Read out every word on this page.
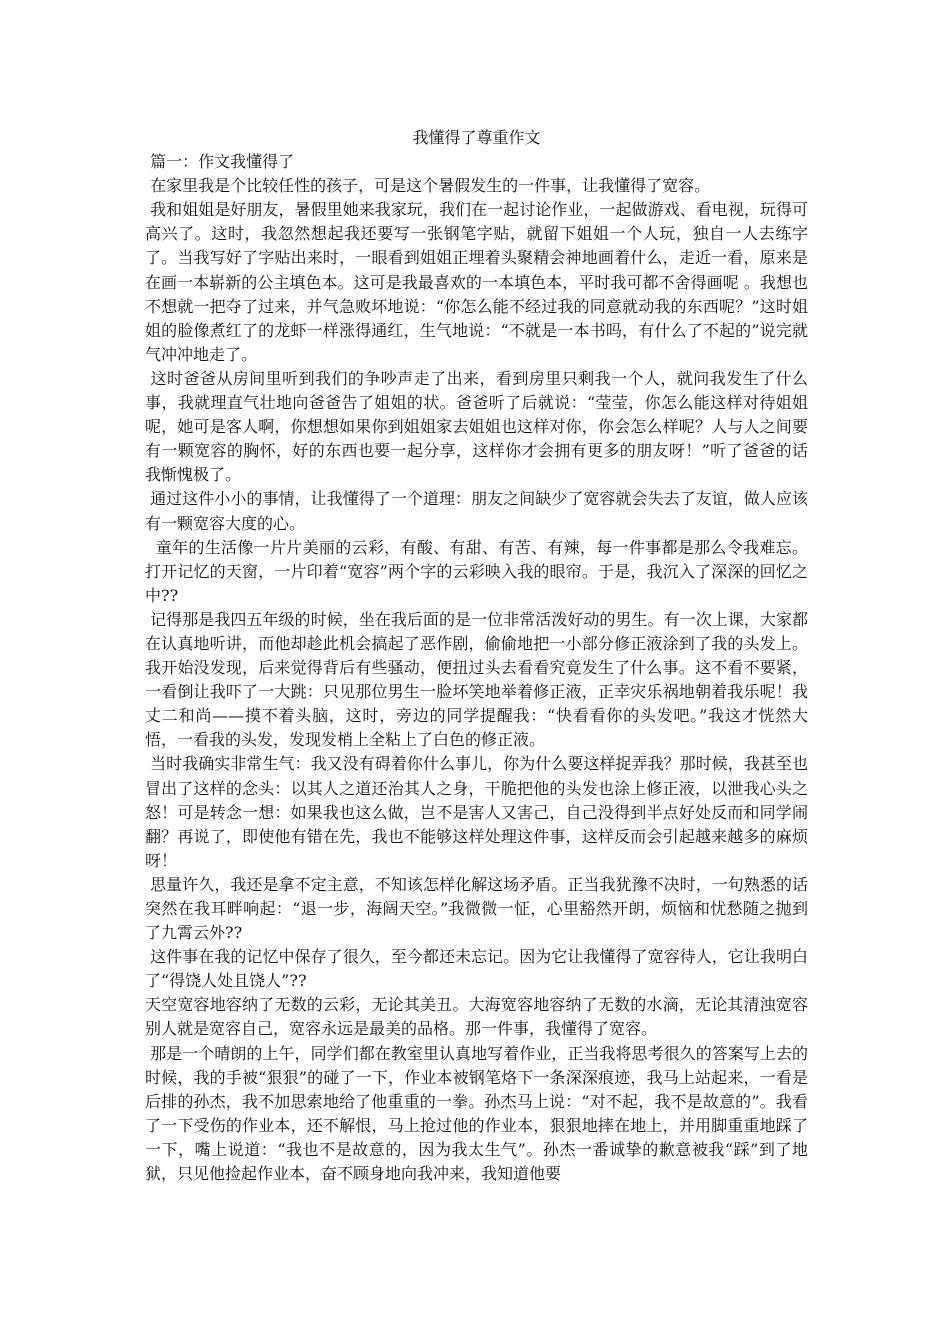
我懂得了尊重作文

篇一：作文我懂得了

在家里我是个比较任性的孩子，可是这个暑假发生的一件事，让我懂得了宽容。

我和姐姐是好朋友，暑假里她来我家玩，我们在一起讨论作业，一起做游戏、看电视，玩得可高兴了。这时，我忽然想起我还要写一张钢笔字贴，就留下姐姐一个人玩，独自一人去练字了。当我写好了字贴出来时，一眼看到姐姐正埋着头聚精会神地画着什么，走近一看，原来是在画一本崭新的公主填色本。这可是我最喜欢的一本填色本，平时我可都不舍得画呢 。我想也不想就一把夺了过来，并气急败坏地说：“你怎么能不经过我的同意就动我的东西呢？”这时姐姐的脸像煮红了的龙虾一样涨得通红，生气地说：“不就是一本书吗，有什么了不起的”说完就气冲冲地走了。

这时爸爸从房间里听到我们的争吵声走了出来，看到房里只剩我一个人，就问我发生了什么事，我就理直气壮地向爸爸告了姐姐的状。爸爸听了后就说：“莹莹，你怎么能这样对待姐姐呢，她可是客人啊，你想想如果你到姐姐家去姐姐也这样对你，你会怎么样呢？人与人之间要有一颗宽容的胸怀，好的东西也要一起分享，这样你才会拥有更多的朋友呀！”听了爸爸的话我惭愧极了。

通过这件小小的事情，让我懂得了一个道理：朋友之间缺少了宽容就会失去了友谊，做人应该有一颗宽容大度的心。

童年的生活像一片片美丽的云彩，有酸、有甜、有苦、有辣，每一件事都是那么令我难忘。打开记忆的天窗，一片印着“宽容”两个字的云彩映入我的眼帘。于是，我沉入了深深的回忆之中??

记得那是我四五年级的时候，坐在我后面的是一位非常活泼好动的男生。有一次上课，大家都在认真地听讲，而他却趁此机会搞起了恶作剧，偷偷地把一小部分修正液涂到了我的头发上。我开始没发现，后来觉得背后有些骚动，便扭过头去看看究竟发生了什么事。这不看不要紧，一看倒让我吓了一大跳：只见那位男生一脸坏笑地举着修正液，正幸灾乐祸地朝着我乐呢！我丈二和尚——摸不着头脑，这时，旁边的同学提醒我：“快看看你的头发吧。”我这才恍然大悟，一看我的头发，发现发梢上全粘上了白色的修正液。

当时我确实非常生气：我又没有碍着你什么事儿，你为什么要这样捉弄我？那时候，我甚至也冒出了这样的念头：以其人之道还治其人之身，干脆把他的头发也涂上修正液，以泄我心头之怒！可是转念一想：如果我也这么做，岂不是害人又害己，自己没得到半点好处反而和同学闹翻？再说了，即使他有错在先，我也不能够这样处理这件事，这样反而会引起越来越多的麻烦呀！

思量许久，我还是拿不定主意，不知该怎样化解这场矛盾。正当我犹豫不决时，一句熟悉的话突然在我耳畔响起：“退一步，海阔天空。”我微微一怔，心里豁然开朗，烦恼和忧愁随之抛到了九霄云外??

这件事在我的记忆中保存了很久，至今都还未忘记。因为它让我懂得了宽容待人，它让我明白了“得饶人处且饶人”??

天空宽容地容纳了无数的云彩，无论其美丑。大海宽容地容纳了无数的水滴，无论其清浊宽容别人就是宽容自己，宽容永远是最美的品格。那一件事，我懂得了宽容。

那是一个晴朗的上午，同学们都在教室里认真地写着作业，正当我将思考很久的答案写上去的时候，我的手被“狠狠”的碰了一下，作业本被钢笔烙下一条深深痕迹，我马上站起来，一看是后排的孙杰，我不加思索地给了他重重的一拳。孙杰马上说：“对不起，我不是故意的”。我看了一下受伤的作业本，还不解恨，马上抢过他的作业本，狠狠地摔在地上，并用脚重重地踩了一下，嘴上说道：“我也不是故意的，因为我太生气”。孙杰一番诚挚的歉意被我“踩”到了地狱，只见他捡起作业本，奋不顾身地向我冲来，我知道他要
